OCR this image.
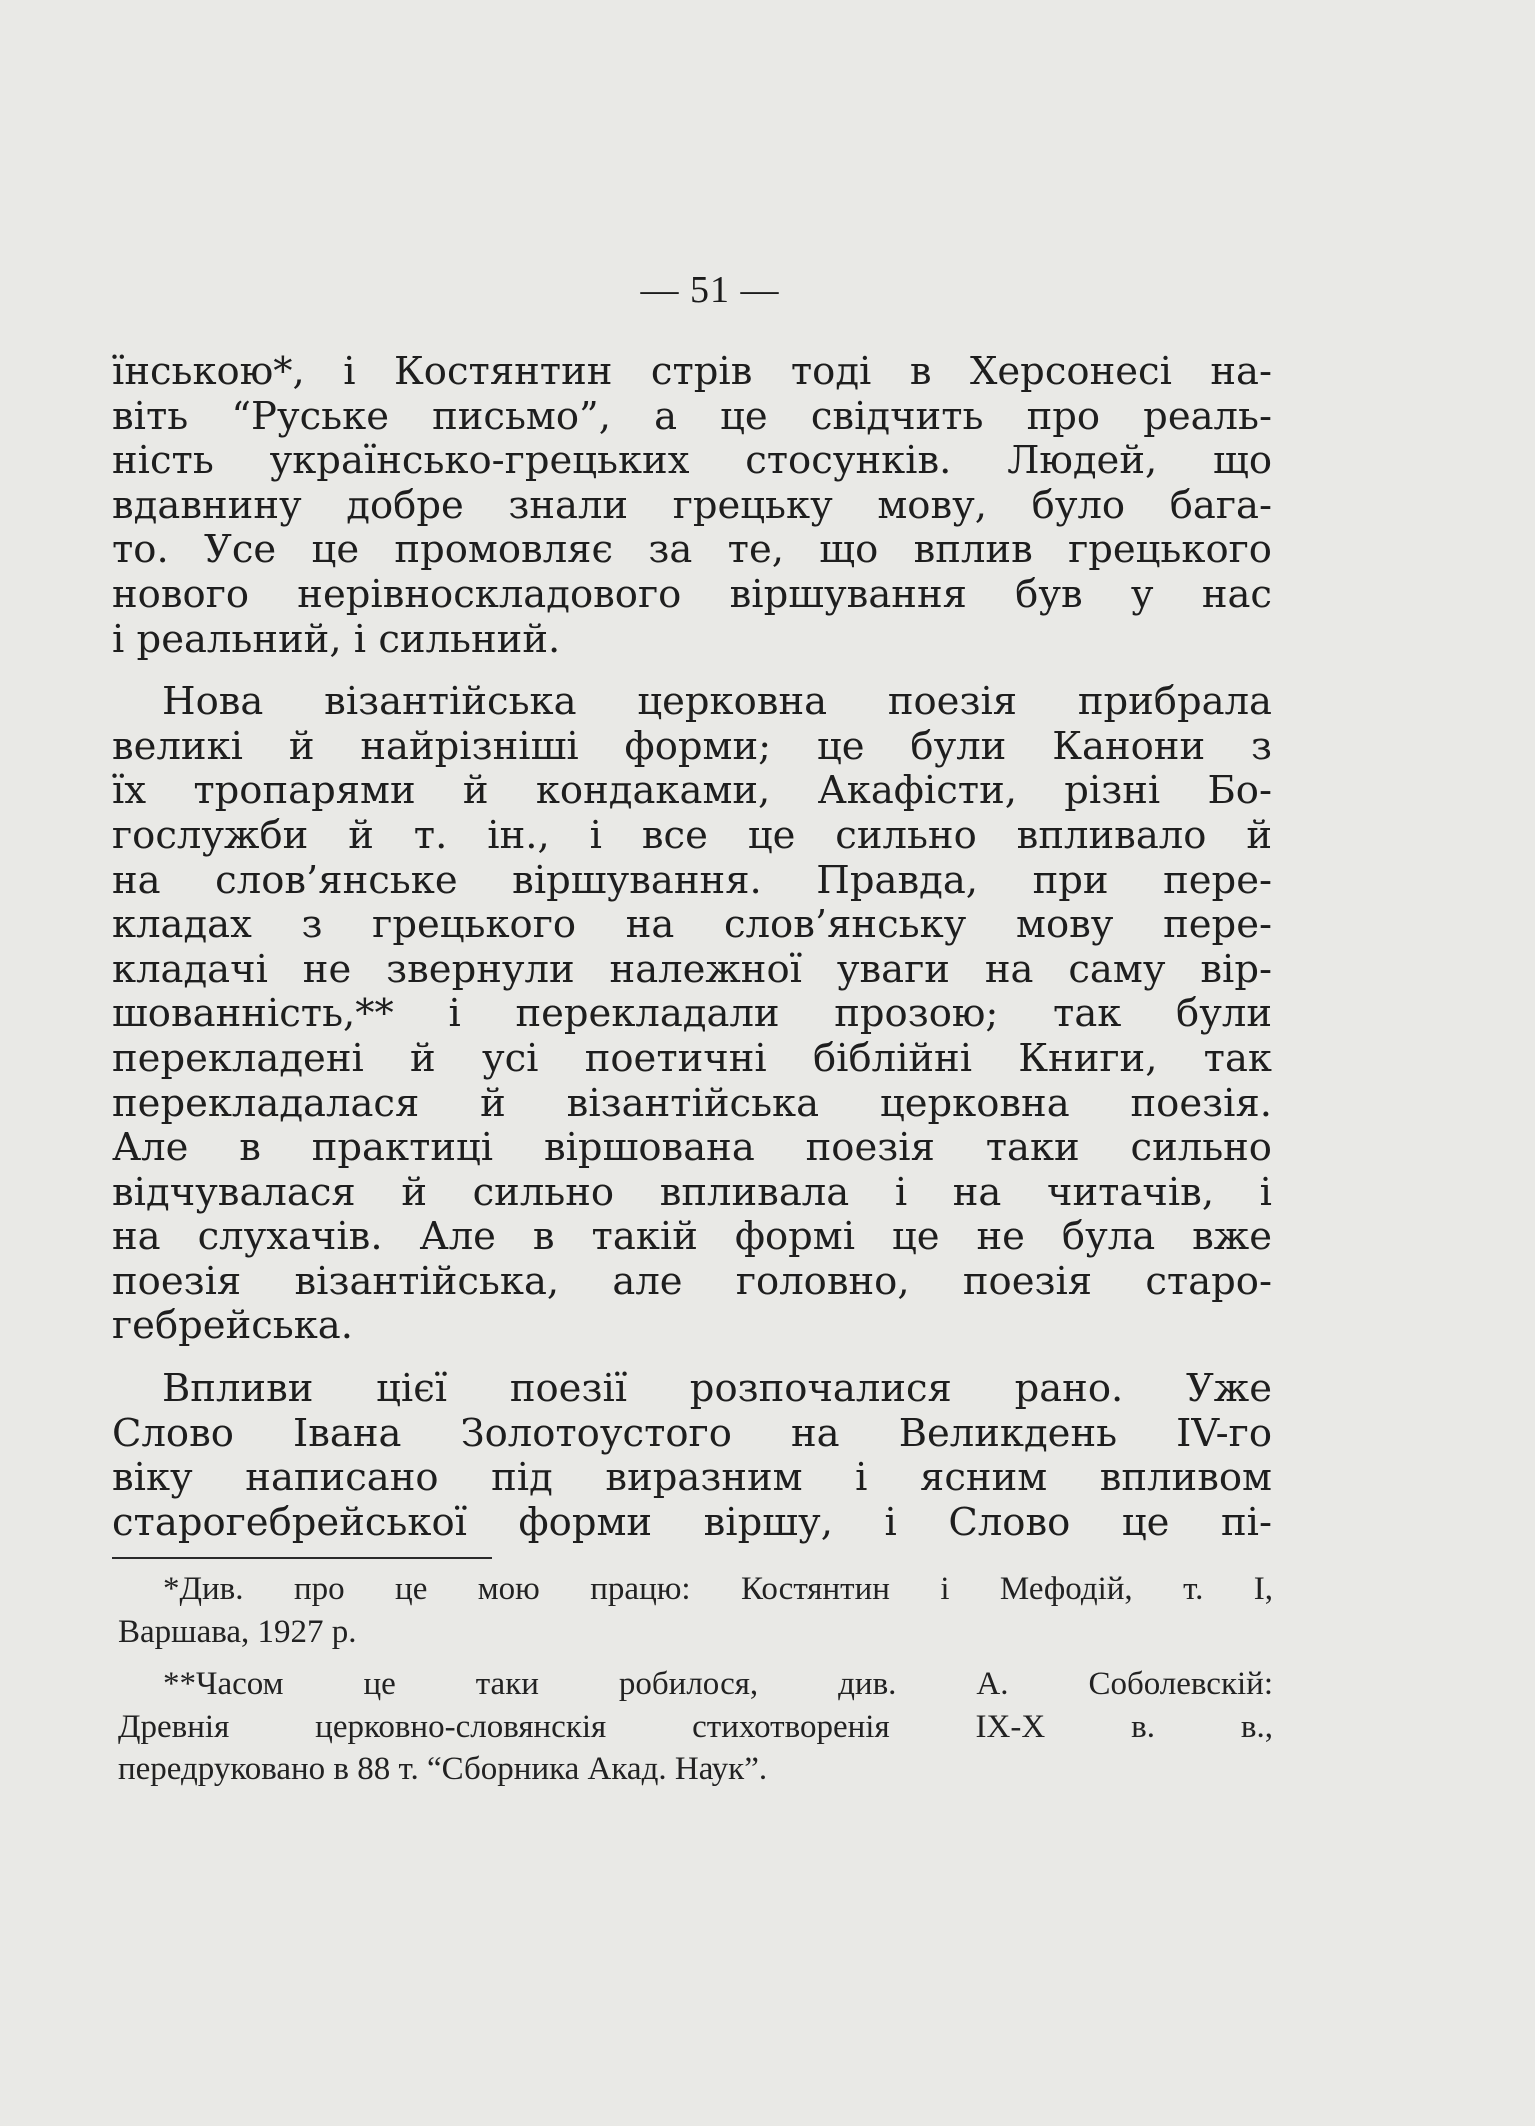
— 51 —
їнською*, і Костянтин стрів тоді в Херсонесі на-
віть “Руське письмо”, а це свідчить про реаль-
ність українсько-грецьких стосунків. Людей, що
вдавнину добре знали грецьку мову, було бага-
то. Усе це промовляє за те, що вплив грецького
нового нерівноскладового віршування був у нас
і реальний, і сильний.
Нова візантійська церковна поезія прибрала
великі й найрізніші форми; це були Канони з
їх тропарями й кондаками, Акафісти, різні Бо-
гослужби й т. ін., і все це сильно впливало й
на слов’янське віршування. Правда, при пере-
кладах з грецького на слов’янську мову пере-
кладачі не звернули належної уваги на саму вір-
шованність,** і перекладали прозою; так були
перекладені й усі поетичні біблійні Книги, так
перекладалася й візантійська церковна поезія.
Але в практиці віршована поезія таки сильно
відчувалася й сильно впливала і на читачів, і
на слухачів. Але в такій формі це не була вже
поезія візантійська, але головно, поезія старо-
гебрейська.
Впливи цієї поезії розпочалися рано. Уже
Слово Івана Золотоустого на Великдень IV-го
віку написано під виразним і ясним впливом
старогебрейської форми віршу, і Слово це пі-
*Див. про це мою працю: Костянтин і Мефодій, т. І,
Варшава, 1927 р.
**Часом це таки робилося, див. А. Соболевскій:
Древнія церковно-словянскія стихотворенія IX-X в. в.,
передруковано в 88 т. “Сборника Акад. Наук”.
